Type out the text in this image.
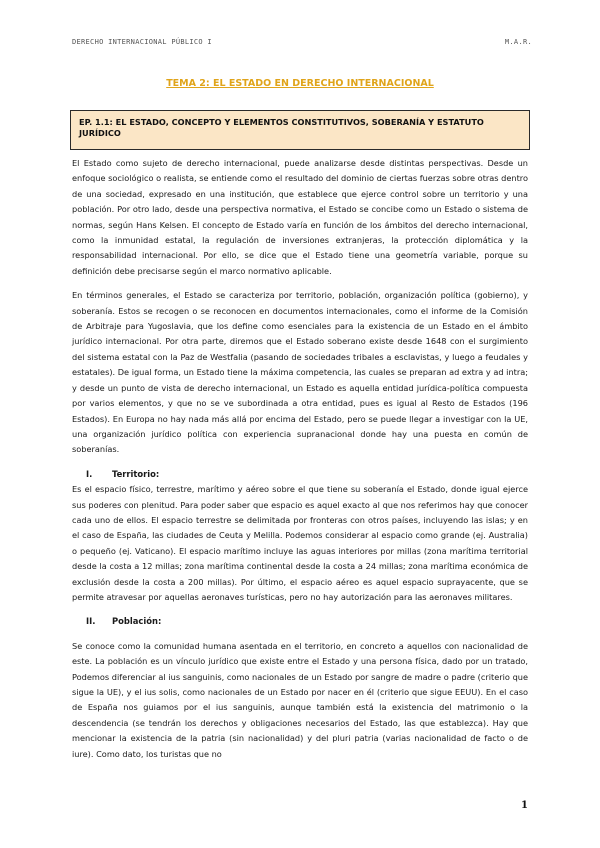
DERECHO INTERNACIONAL PÚBLICO I	M.A.R.
TEMA 2: EL ESTADO EN DERECHO INTERNACIONAL
EP. 1.1: EL ESTADO, CONCEPTO Y ELEMENTOS CONSTITUTIVOS, SOBERANÍA Y ESTATUTO JURÍDICO

El Estado como sujeto de derecho internacional, puede analizarse desde distintas perspectivas. Desde un enfoque sociológico o realista, se entiende como el resultado del dominio de ciertas fuerzas sobre otras dentro de una sociedad, expresado en una institución, que establece que ejerce control sobre un territorio y una población. Por otro lado, desde una perspectiva normativa, el Estado se concibe como un Estado o sistema de normas, según Hans Kelsen. El concepto de Estado varía en función de los ámbitos del derecho internacional, como la inmunidad estatal, la regulación de inversiones extranjeras, la protección diplomática y la responsabilidad internacional. Por ello, se dice que el Estado tiene una geometría variable, porque su definición debe precisarse según el marco normativo aplicable.

En términos generales, el Estado se caracteriza por territorio, población, organización política (gobierno), y soberanía. Estos se recogen o se reconocen en documentos internacionales, como el informe de la Comisión de Arbitraje para Yugoslavia, que los define como esenciales para la existencia de un Estado en el ámbito jurídico internacional. Por otra parte, diremos que el Estado soberano existe desde 1648 con el surgimiento del sistema estatal con la Paz de Westfalia (pasando de sociedades tribales a esclavistas, y luego a feudales y estatales). De igual forma, un Estado tiene la máxima competencia, las cuales se preparan ad extra y ad intra; y desde un punto de vista de derecho internacional, un Estado es aquella entidad jurídica-política compuesta por varios elementos, y que no se ve subordinada a otra entidad, pues es igual al Resto de Estados (196 Estados). En Europa no hay nada más allá por encima del Estado, pero se puede llegar a investigar con la UE, una organización jurídico política con experiencia supranacional donde hay una puesta en común de soberanías.

I. Territorio:

Es el espacio físico, terrestre, marítimo y aéreo sobre el que tiene su soberanía el Estado, donde igual ejerce sus poderes con plenitud. Para poder saber que espacio es aquel exacto al que nos referimos hay que conocer cada uno de ellos. El espacio terrestre se delimitada por fronteras con otros países, incluyendo las islas; y en el caso de España, las ciudades de Ceuta y Melilla. Podemos considerar al espacio como grande (ej. Australia) o pequeño (ej. Vaticano). El espacio marítimo incluye las aguas interiores por millas (zona marítima territorial desde la costa a 12 millas; zona marítima continental desde la costa a 24 millas; zona marítima económica de exclusión desde la costa a 200 millas). Por último, el espacio aéreo es aquel espacio suprayacente, que se permite atravesar por aquellas aeronaves turísticas, pero no hay autorización para las aeronaves militares.

II. Población:

Se conoce como la comunidad humana asentada en el territorio, en concreto a aquellos con nacionalidad de este. La población es un vínculo jurídico que existe entre el Estado y una persona física, dado por un tratado, Podemos diferenciar al ius sanguinis, como nacionales de un Estado por sangre de madre o padre (criterio que sigue la UE), y el ius solis, como nacionales de un Estado por nacer en él (criterio que sigue EEUU). En el caso de España nos guiamos por el ius sanguinis, aunque también está la existencia del matrimonio o la descendencia (se tendrán los derechos y obligaciones necesarios del Estado, las que establezca). Hay que mencionar la existencia de la patria (sin nacionalidad) y del pluri patria (varias nacionalidad de facto o de iure). Como dato, los turistas que no

1
